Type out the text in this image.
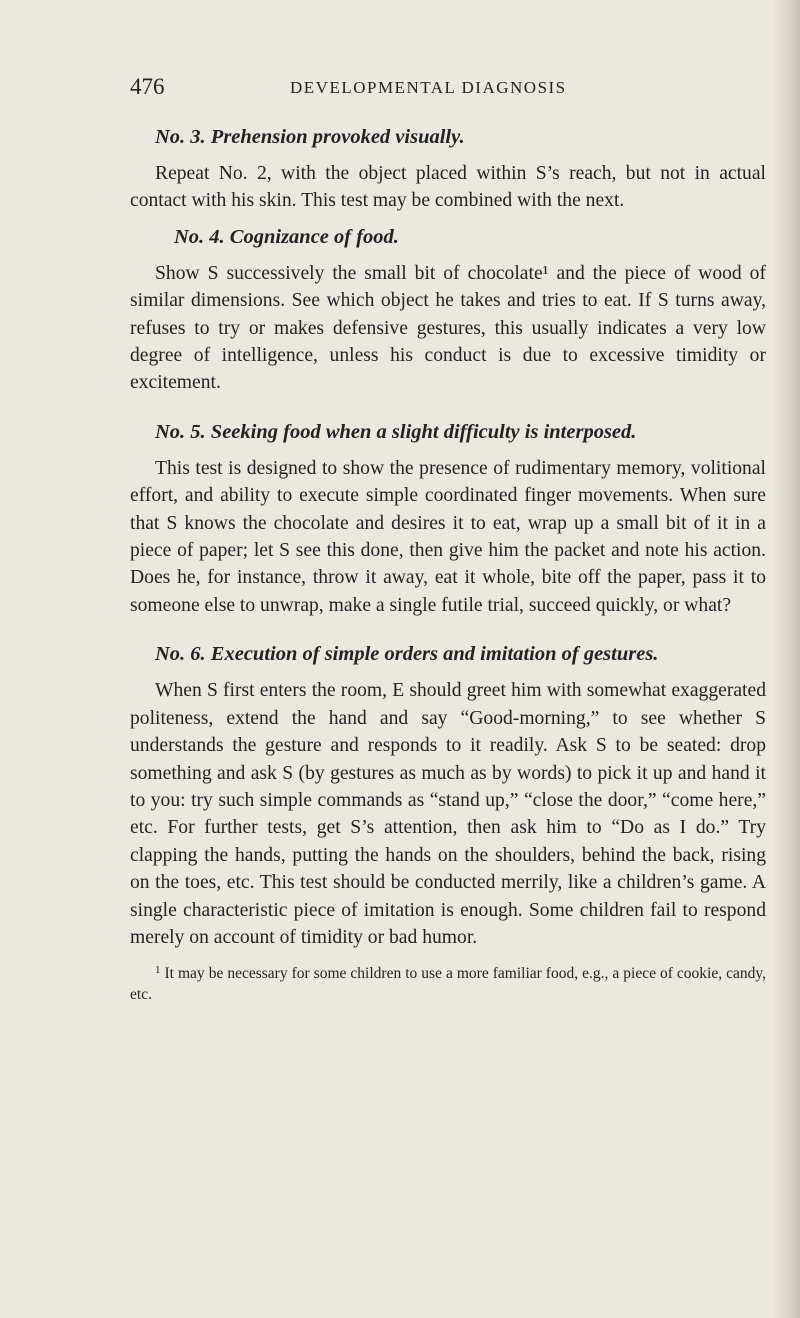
476	DEVELOPMENTAL DIAGNOSIS
No. 3. Prehension provoked visually.

Repeat No. 2, with the object placed within S’s reach, but not in actual contact with his skin. This test may be combined with the next.

No. 4. Cognizance of food.

Show S successively the small bit of chocolate¹ and the piece of wood of similar dimensions. See which object he takes and tries to eat. If S turns away, refuses to try or makes defensive gestures, this usually indicates a very low degree of intelligence, unless his conduct is due to excessive timidity or excitement.

No. 5. Seeking food when a slight difficulty is interposed.

This test is designed to show the presence of rudimentary memory, volitional effort, and ability to execute simple coordinated finger movements. When sure that S knows the chocolate and desires it to eat, wrap up a small bit of it in a piece of paper; let S see this done, then give him the packet and note his action. Does he, for instance, throw it away, eat it whole, bite off the paper, pass it to someone else to unwrap, make a single futile trial, succeed quickly, or what?

No. 6. Execution of simple orders and imitation of gestures.

When S first enters the room, E should greet him with somewhat exaggerated politeness, extend the hand and say “Good-morning,” to see whether S understands the gesture and responds to it readily. Ask S to be seated: drop something and ask S (by gestures as much as by words) to pick it up and hand it to you: try such simple commands as “stand up,” “close the door,” “come here,” etc. For further tests, get S’s attention, then ask him to “Do as I do.” Try clapping the hands, putting the hands on the shoulders, behind the back, rising on the toes, etc. This test should be conducted merrily, like a children’s game. A single characteristic piece of imitation is enough. Some children fail to respond merely on account of timidity or bad humor.

$^1$ It may be necessary for some children to use a more familiar food, e.g., a piece of cookie, candy, etc.
